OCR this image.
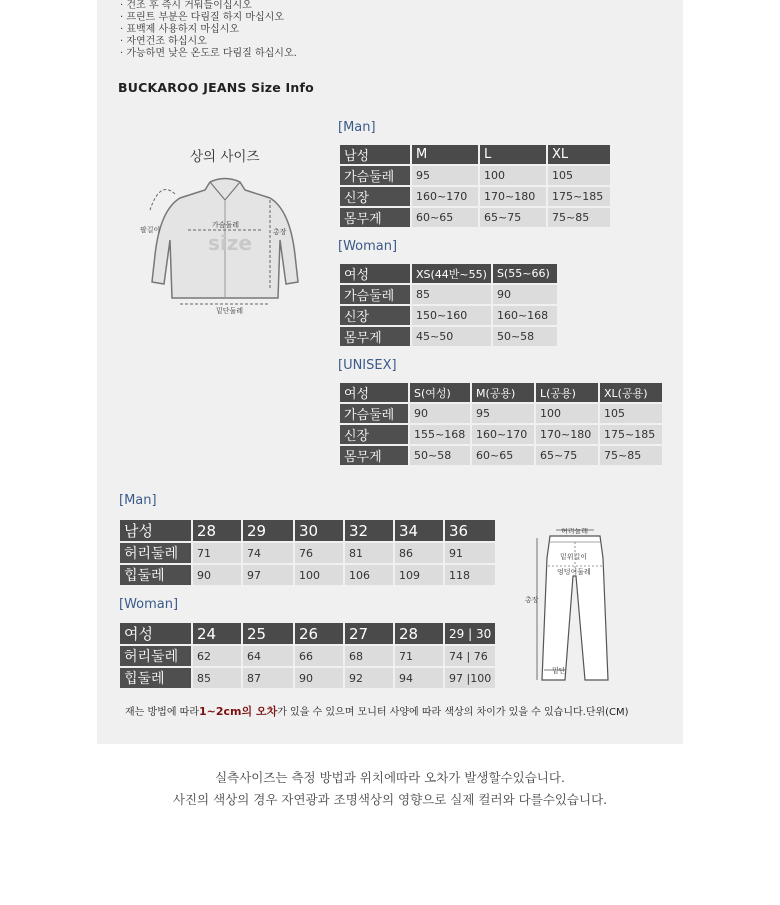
· 건조 후 즉시 거둬들이십시오
· 프린트 부분은 다림질 하지 마십시오
· 표백제 사용하지 마십시오
· 자연건조 하십시오
· 가능하면 낮은 온도로 다림질 하십시오.
BUCKAROO JEANS Size Info
상의 사이즈
팔길이
가슴둘레
총장
size
밑단둘레
[Man]
남성	M	L	XL
가슴둘레	95	100	105
신장	160~170	170~180	175~185
몸무게	60~65	65~75	75~85
[Woman]
여성	XS(44반~55)	S(55~66)
가슴둘레	85	90
신장	150~160	160~168
몸무게	45~50	50~58
[UNISEX]
여성	S(여성)	M(공용)	L(공용)	XL(공용)
가슴둘레	90	95	100	105
신장	155~168	160~170	170~180	175~185
몸무게	50~58	60~65	65~75	75~85
[Man]
남성	28	29	30	32	34	36
허리둘레	71	74	76	81	86	91
힙둘레	90	97	100	106	109	118
[Woman]
여성	24	25	26	27	28	29 | 30
허리둘레	62	64	66	68	71	74 | 76
힙둘레	85	87	90	92	94	97 |100
허리둘레
밑위길이
엉덩이둘레
총장
밑단
재는 방법에 따라1~2cm의 오차가 있을 수 있으며 모니터 사양에 따라 색상의 차이가 있을 수 있습니다.단위(CM)
실측사이즈는 측정 방법과 위치에따라 오차가 발생할수있습니다.
사진의 색상의 경우 자연광과 조명색상의 영향으로 실제 컬러와 다를수있습니다.
